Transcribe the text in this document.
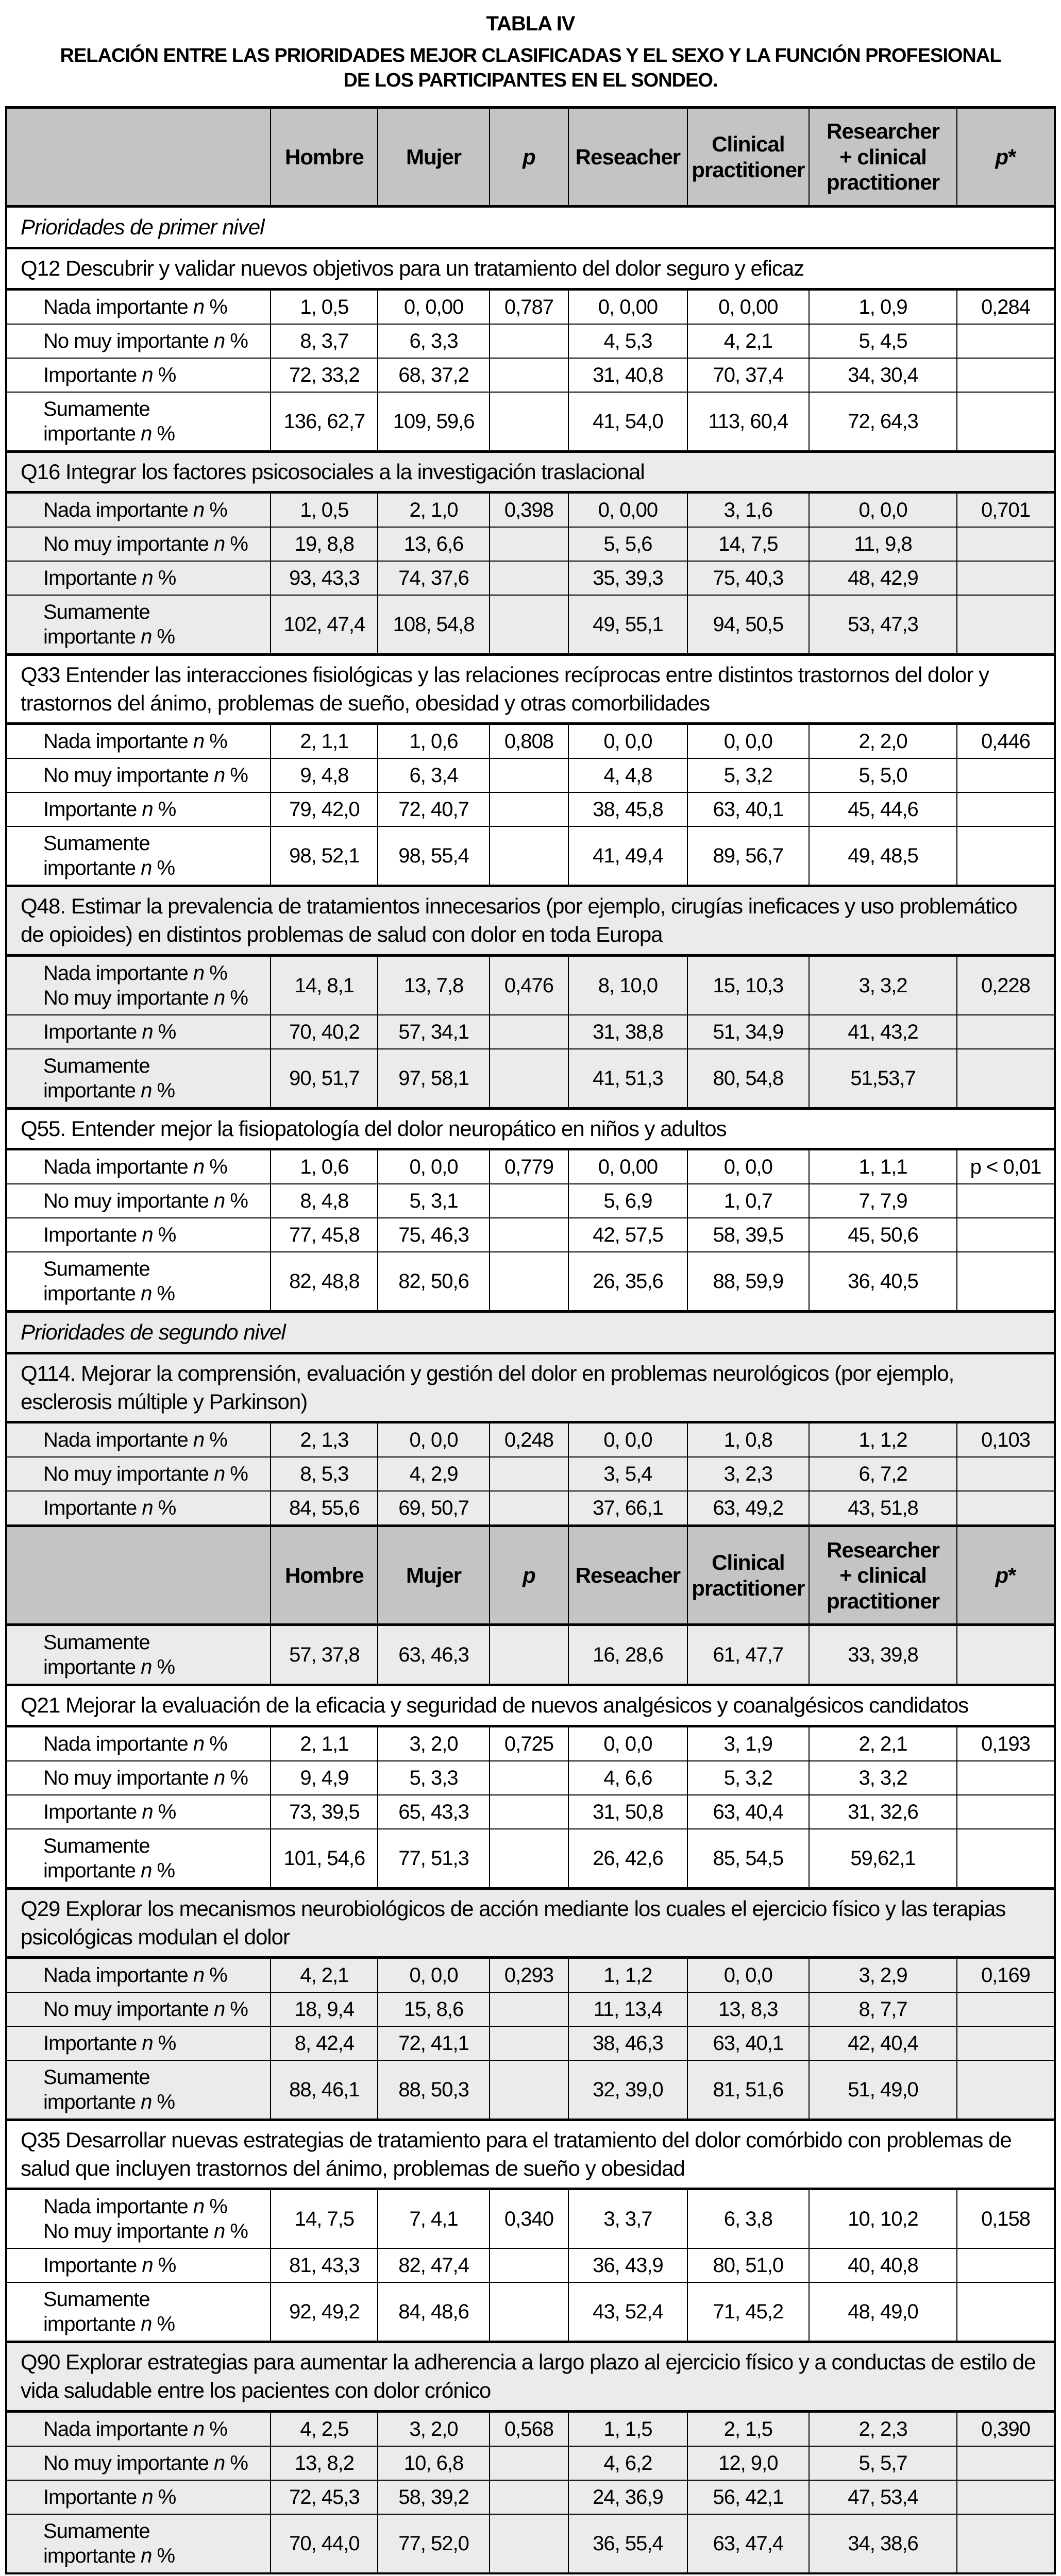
TABLA IV
RELACIÓN ENTRE LAS PRIORIDADES MEJOR CLASIFICADAS Y EL SEXO Y LA FUNCIÓN PROFESIONAL
DE LOS PARTICIPANTES EN EL SONDEO.
	Hombre	Mujer	p	Reseacher	Clinical
practitioner	Researcher
+ clinical
practitioner	p*
Prioridades de primer nivel							
Q12 Descubrir y validar nuevos objetivos para un tratamiento del dolor seguro y eficaz							
Nada importante n %	1, 0,5	0, 0,00	0,787	0, 0,00	0, 0,00	1, 0,9	0,284
No muy importante n %	8, 3,7	6, 3,3		4, 5,3	4, 2,1	5, 4,5	
Importante n %	72, 33,2	68, 37,2		31, 40,8	70, 37,4	34, 30,4	
Sumamente
importante n %	136, 62,7	109, 59,6		41, 54,0	113, 60,4	72, 64,3	
Q16 Integrar los factores psicosociales a la investigación traslacional							
Nada importante n %	1, 0,5	2, 1,0	0,398	0, 0,00	3, 1,6	0, 0,0	0,701
No muy importante n %	19, 8,8	13, 6,6		5, 5,6	14, 7,5	11, 9,8	
Importante n %	93, 43,3	74, 37,6		35, 39,3	75, 40,3	48, 42,9	
Sumamente
importante n %	102, 47,4	108, 54,8		49, 55,1	94, 50,5	53, 47,3	
Q33 Entender las interacciones fisiológicas y las relaciones recíprocas entre distintos trastornos del dolor y trastornos del ánimo, problemas de sueño, obesidad y otras comorbilidades							
Nada importante n %	2, 1,1	1, 0,6	0,808	0, 0,0	0, 0,0	2, 2,0	0,446
No muy importante n %	9, 4,8	6, 3,4		4, 4,8	5, 3,2	5, 5,0	
Importante n %	79, 42,0	72, 40,7		38, 45,8	63, 40,1	45, 44,6	
Sumamente
importante n %	98, 52,1	98, 55,4		41, 49,4	89, 56,7	49, 48,5	
Q48. Estimar la prevalencia de tratamientos innecesarios (por ejemplo, cirugías ineficaces y uso problemático de opioides) en distintos problemas de salud con dolor en toda Europa							
Nada importante n %
No muy importante n %	14, 8,1	13, 7,8	0,476	8, 10,0	15, 10,3	3, 3,2	0,228
Importante n %	70, 40,2	57, 34,1		31, 38,8	51, 34,9	41, 43,2	
Sumamente
importante n %	90, 51,7	97, 58,1		41, 51,3	80, 54,8	51,53,7	
Q55. Entender mejor la fisiopatología del dolor neuropático en niños y adultos							
Nada importante n %	1, 0,6	0, 0,0	0,779	0, 0,00	0, 0,0	1, 1,1	p < 0,01
No muy importante n %	8, 4,8	5, 3,1		5, 6,9	1, 0,7	7, 7,9	
Importante n %	77, 45,8	75, 46,3		42, 57,5	58, 39,5	45, 50,6	
Sumamente
importante n %	82, 48,8	82, 50,6		26, 35,6	88, 59,9	36, 40,5	
Prioridades de segundo nivel							
Q114. Mejorar la comprensión, evaluación y gestión del dolor en problemas neurológicos (por ejemplo, esclerosis múltiple y Parkinson)							
Nada importante n %	2, 1,3	0, 0,0	0,248	0, 0,0	1, 0,8	1, 1,2	0,103
No muy importante n %	8, 5,3	4, 2,9		3, 5,4	3, 2,3	6, 7,2	
Importante n %	84, 55,6	69, 50,7		37, 66,1	63, 49,2	43, 51,8	
	Hombre	Mujer	p	Reseacher	Clinical
practitioner	Researcher
+ clinical
practitioner	p*
Sumamente
importante n %	57, 37,8	63, 46,3		16, 28,6	61, 47,7	33, 39,8	
Q21 Mejorar la evaluación de la eficacia y seguridad de nuevos analgésicos y coanalgésicos candidatos							
Nada importante n %	2, 1,1	3, 2,0	0,725	0, 0,0	3, 1,9	2, 2,1	0,193
No muy importante n %	9, 4,9	5, 3,3		4, 6,6	5, 3,2	3, 3,2	
Importante n %	73, 39,5	65, 43,3		31, 50,8	63, 40,4	31, 32,6	
Sumamente
importante n %	101, 54,6	77, 51,3		26, 42,6	85, 54,5	59,62,1	
Q29 Explorar los mecanismos neurobiológicos de acción mediante los cuales el ejercicio físico y las terapias psicológicas modulan el dolor							
Nada importante n %	4, 2,1	0, 0,0	0,293	1, 1,2	0, 0,0	3, 2,9	0,169
No muy importante n %	18, 9,4	15, 8,6		11, 13,4	13, 8,3	8, 7,7	
Importante n %	8, 42,4	72, 41,1		38, 46,3	63, 40,1	42, 40,4	
Sumamente
importante n %	88, 46,1	88, 50,3		32, 39,0	81, 51,6	51, 49,0	
Q35 Desarrollar nuevas estrategias de tratamiento para el tratamiento del dolor comórbido con problemas de salud que incluyen trastornos del ánimo, problemas de sueño y obesidad							
Nada importante n %
No muy importante n %	14, 7,5	7, 4,1	0,340	3, 3,7	6, 3,8	10, 10,2	0,158
Importante n %	81, 43,3	82, 47,4		36, 43,9	80, 51,0	40, 40,8	
Sumamente
importante n %	92, 49,2	84, 48,6		43, 52,4	71, 45,2	48, 49,0	
Q90 Explorar estrategias para aumentar la adherencia a largo plazo al ejercicio físico y a conductas de estilo de vida saludable entre los pacientes con dolor crónico							
Nada importante n %	4, 2,5	3, 2,0	0,568	1, 1,5	2, 1,5	2, 2,3	0,390
No muy importante n %	13, 8,2	10, 6,8		4, 6,2	12, 9,0	5, 5,7	
Importante n %	72, 45,3	58, 39,2		24, 36,9	56, 42,1	47, 53,4	
Sumamente
importante n %	70, 44,0	77, 52,0		36, 55,4	63, 47,4	34, 38,6	
